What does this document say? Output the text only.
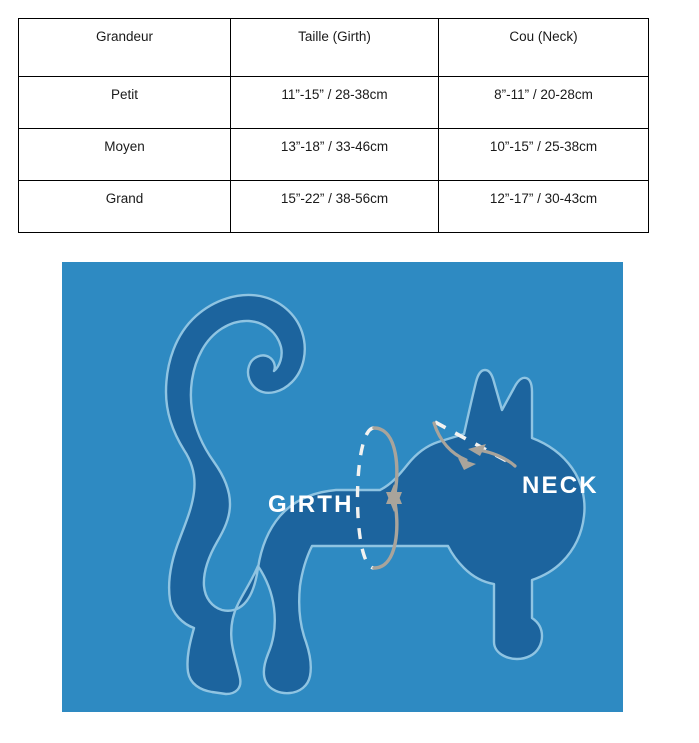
Grandeur	Taille (Girth)	Cou (Neck)
Petit	11”-15” / 28-38cm	8”-11” / 20-28cm
Moyen	13”-18” / 33-46cm	10”-15” / 25-38cm
Grand	15”-22” / 38-56cm	12”-17” / 30-43cm
GIRTH
NECK
